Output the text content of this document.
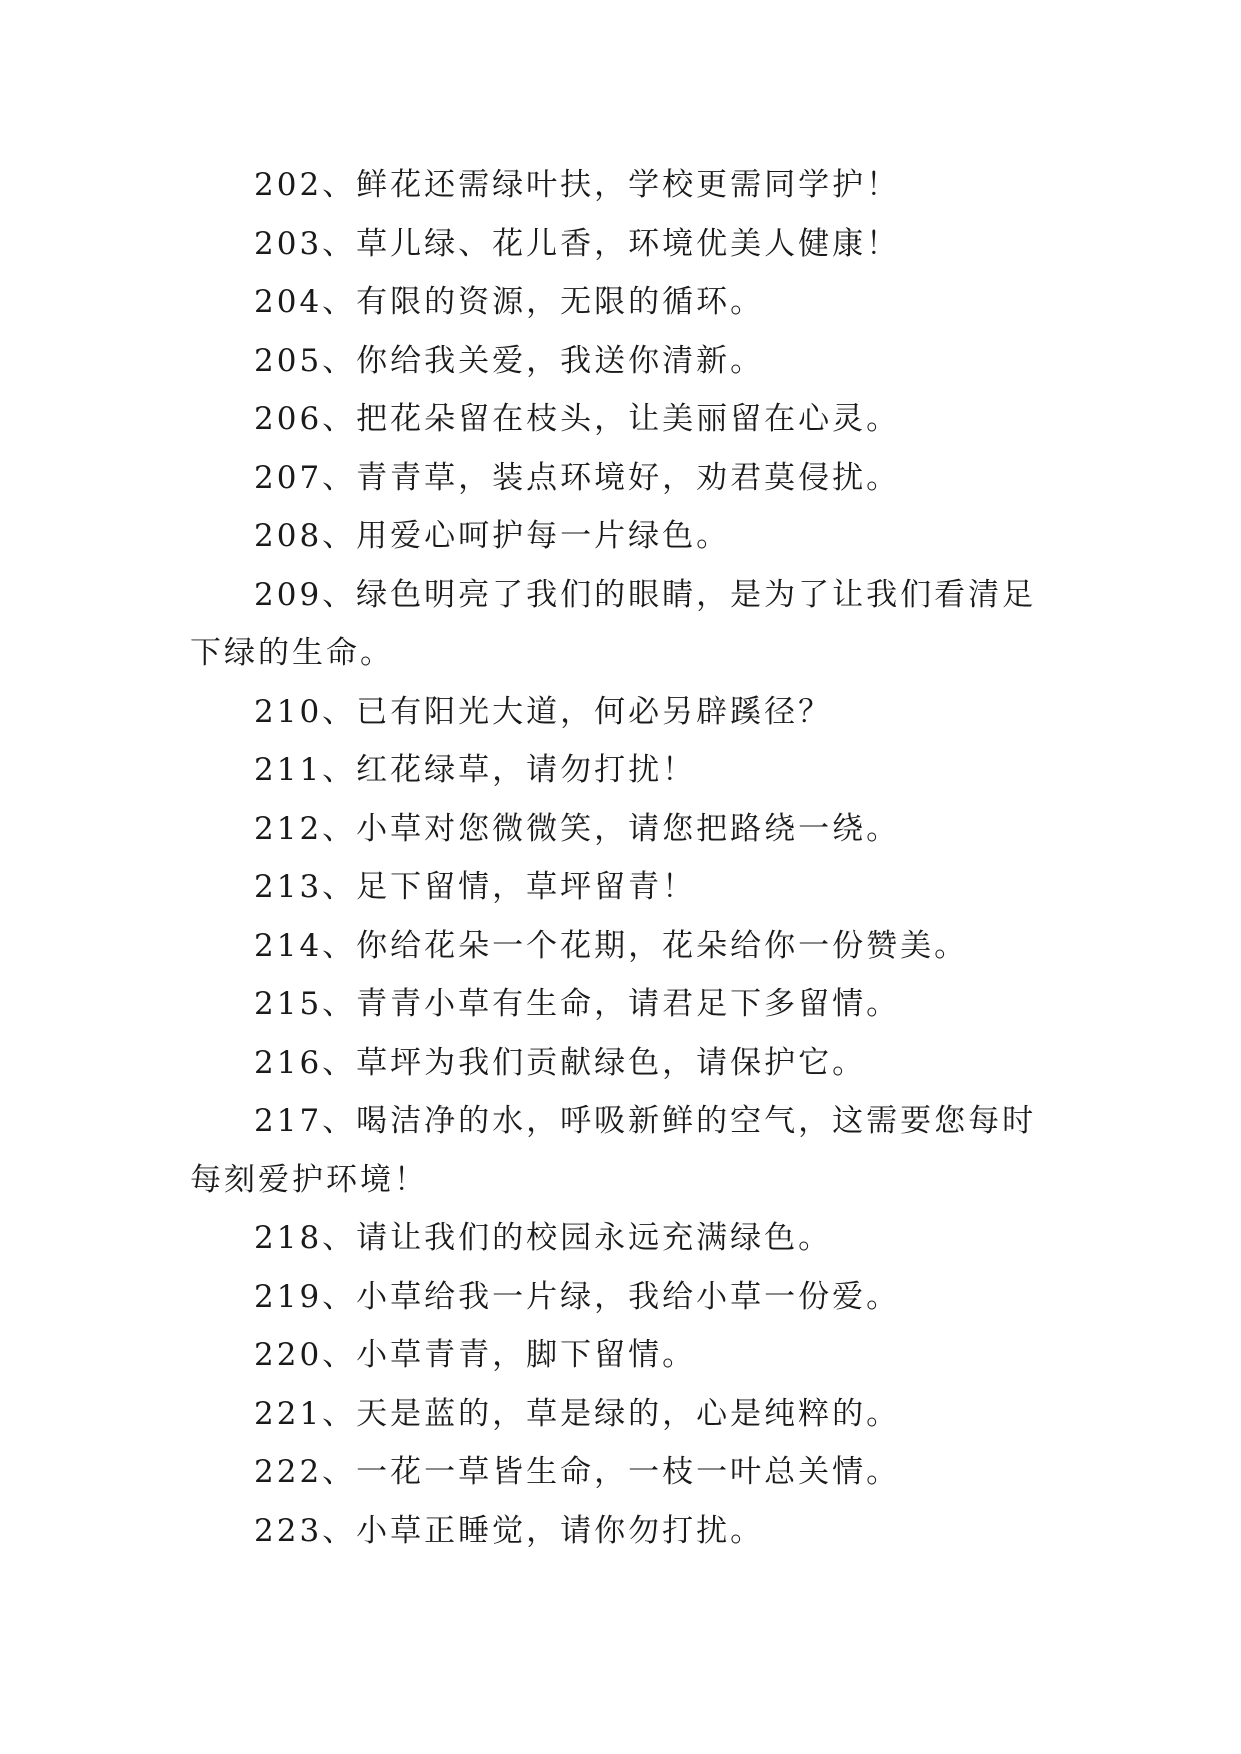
202、鲜花还需绿叶扶，学校更需同学护！

203、草儿绿、花儿香，环境优美人健康！

204、有限的资源，无限的循环。

205、你给我关爱，我送你清新。

206、把花朵留在枝头，让美丽留在心灵。

207、青青草，装点环境好，劝君莫侵扰。

208、用爱心呵护每一片绿色。

209、绿色明亮了我们的眼睛，是为了让我们看清足下绿的生命。

210、已有阳光大道，何必另辟蹊径？

211、红花绿草，请勿打扰！

212、小草对您微微笑，请您把路绕一绕。

213、足下留情，草坪留青！

214、你给花朵一个花期，花朵给你一份赞美。

215、青青小草有生命，请君足下多留情。

216、草坪为我们贡献绿色，请保护它。

217、喝洁净的水，呼吸新鲜的空气，这需要您每时每刻爱护环境！

218、请让我们的校园永远充满绿色。

219、小草给我一片绿，我给小草一份爱。

220、小草青青，脚下留情。

221、天是蓝的，草是绿的，心是纯粹的。

222、一花一草皆生命，一枝一叶总关情。

223、小草正睡觉，请你勿打扰。
